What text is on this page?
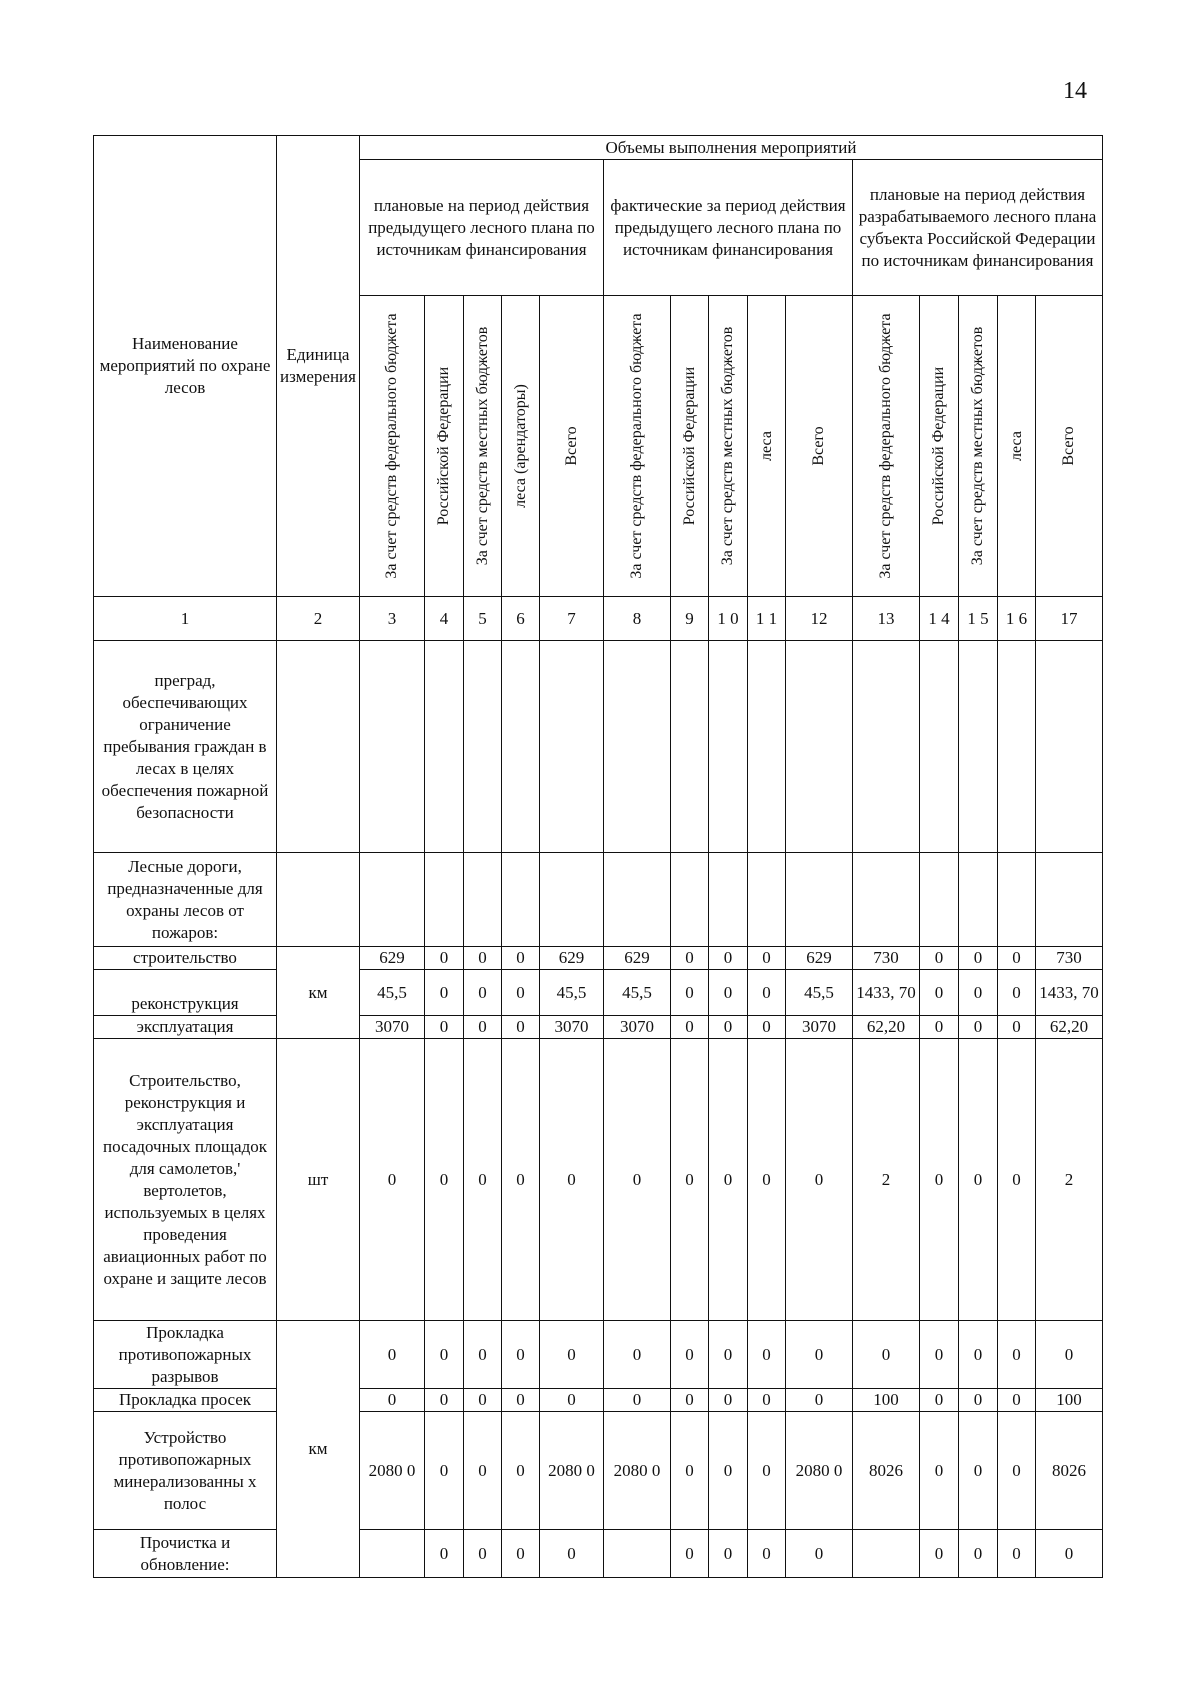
14
Наименование мероприятий по охране лесов	Единица измерения	Объемы выполнения мероприятий														
		плановые на период действия предыдущего лесного плана по источникам финансирования					фактические за период действия предыдущего лесного плана по источникам финансирования					плановые на период действия разрабатываемого лесного плана субъекта Российской Федерации по источникам финансирования				

		За счет средств федерального бюджета	Российской Федерации	За счет средств местных бюджетов	леса (арендаторы)	Всего	За счет средств федерального бюджета	Российской Федерации	За счет средств местных бюджетов	леса	Всего	За счет средств федерального бюджета	Российской Федерации	За счет средств местных бюджетов	леса	Всего

1	2	3	4	5	6	7	8	9	1 0	1 1	12	13	1 4	1 5	1 6	17
преград, обеспечивающих ограничение пребывания граждан в лесах в целях обеспечения пожарной безопасности																
Лесные дороги, предназначенные для охраны лесов от пожаров:																
строительство	км	629	0	0	0	629	629	0	0	0	629	730	0	0	0	730
реконструкция		45,5	0	0	0	45,5	45,5	0	0	0	45,5	1433, 70	0	0	0	1433, 70
эксплуатация		3070	0	0	0	3070	3070	0	0	0	3070	62,20	0	0	0	62,20
Строительство, реконструкция и эксплуатация посадочных площадок для самолетов,' вертолетов, используемых в целях проведения авиационных работ по охране и защите лесов	шт	0	0	0	0	0	0	0	0	0	0	2	0	0	0	2
Прокладка противопожарных разрывов	км	0	0	0	0	0	0	0	0	0	0	0	0	0	0	0
Прокладка просек		0	0	0	0	0	0	0	0	0	0	100	0	0	0	100
Устройство противопожарных минерализованны х полос		2080 0	0	0	0	2080 0	2080 0	0	0	0	2080 0	8026	0	0	0	8026
Прочистка и обновление:			0	0	0	0		0	0	0	0		0	0	0	0
